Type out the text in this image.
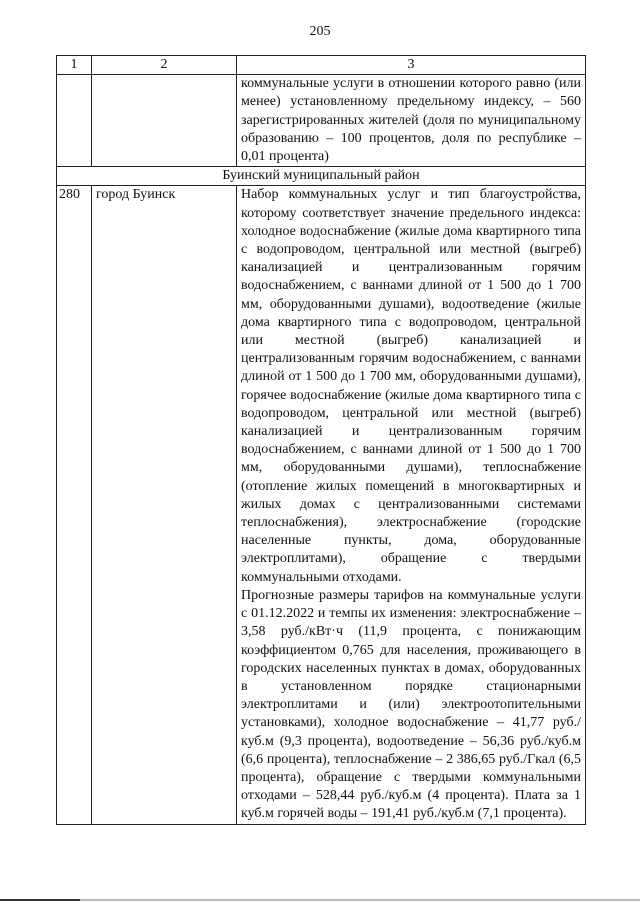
205
1	2	3
		коммунальные услуги в отношении которого равно (или менее) установленному предельному индексу, – 560 зарегистрированных жителей (доля по муниципальному образованию – 100 процентов, доля по республике – 0,01 процента)
Буинский муниципальный район		
280	город Буинск	Набор коммунальных услуг и тип благоустройства, которому соответствует значение предельного индекса: холодное водоснабжение (жилые дома квартирного типа с водопроводом, центральной или местной (выгреб) канализацией и централизованным горячим водоснабжением, с ваннами длиной от 1 500 до 1 700 мм, оборудованными душами), водоотведение (жилые дома квартирного типа с водопроводом, центральной или местной (выгреб) канализацией и централизованным горячим водоснабжением, с ваннами длиной от 1 500 до 1 700 мм, оборудованными душами), горячее водоснабжение (жилые дома квартирного типа с водопроводом, центральной или местной (выгреб) канализацией и централизованным горячим водоснабжением, с ваннами длиной от 1 500 до 1 700 мм, оборудованными душами), теплоснабжение (отопление жилых помещений в многоквартирных и жилых домах с централизованными системами теплоснабжения), электроснабжение (городские населенные пункты, дома, оборудованные электроплитами), обращение с твердыми коммунальными отходами.

Прогнозные размеры тарифов на коммунальные услуги с 01.12.2022 и темпы их изменения: электроснабжение – 3,58 руб./кВт·ч (11,9 процента, с понижающим коэффициентом 0,765 для населения, проживающего в городских населенных пунктах в домах, оборудованных в установленном порядке стационарными электроплитами и (или) электроотопительными установками), холодное водоснабжение – 41,77 руб./куб.м (9,3 процента), водоотведение – 56,36 руб./куб.м (6,6 процента), теплоснабжение – 2 386,65 руб./Гкал (6,5 процента), обращение с твердыми коммунальными отходами – 528,44 руб./куб.м (4 процента). Плата за 1 куб.м горячей воды – 191,41 руб./куб.м (7,1 процента).
